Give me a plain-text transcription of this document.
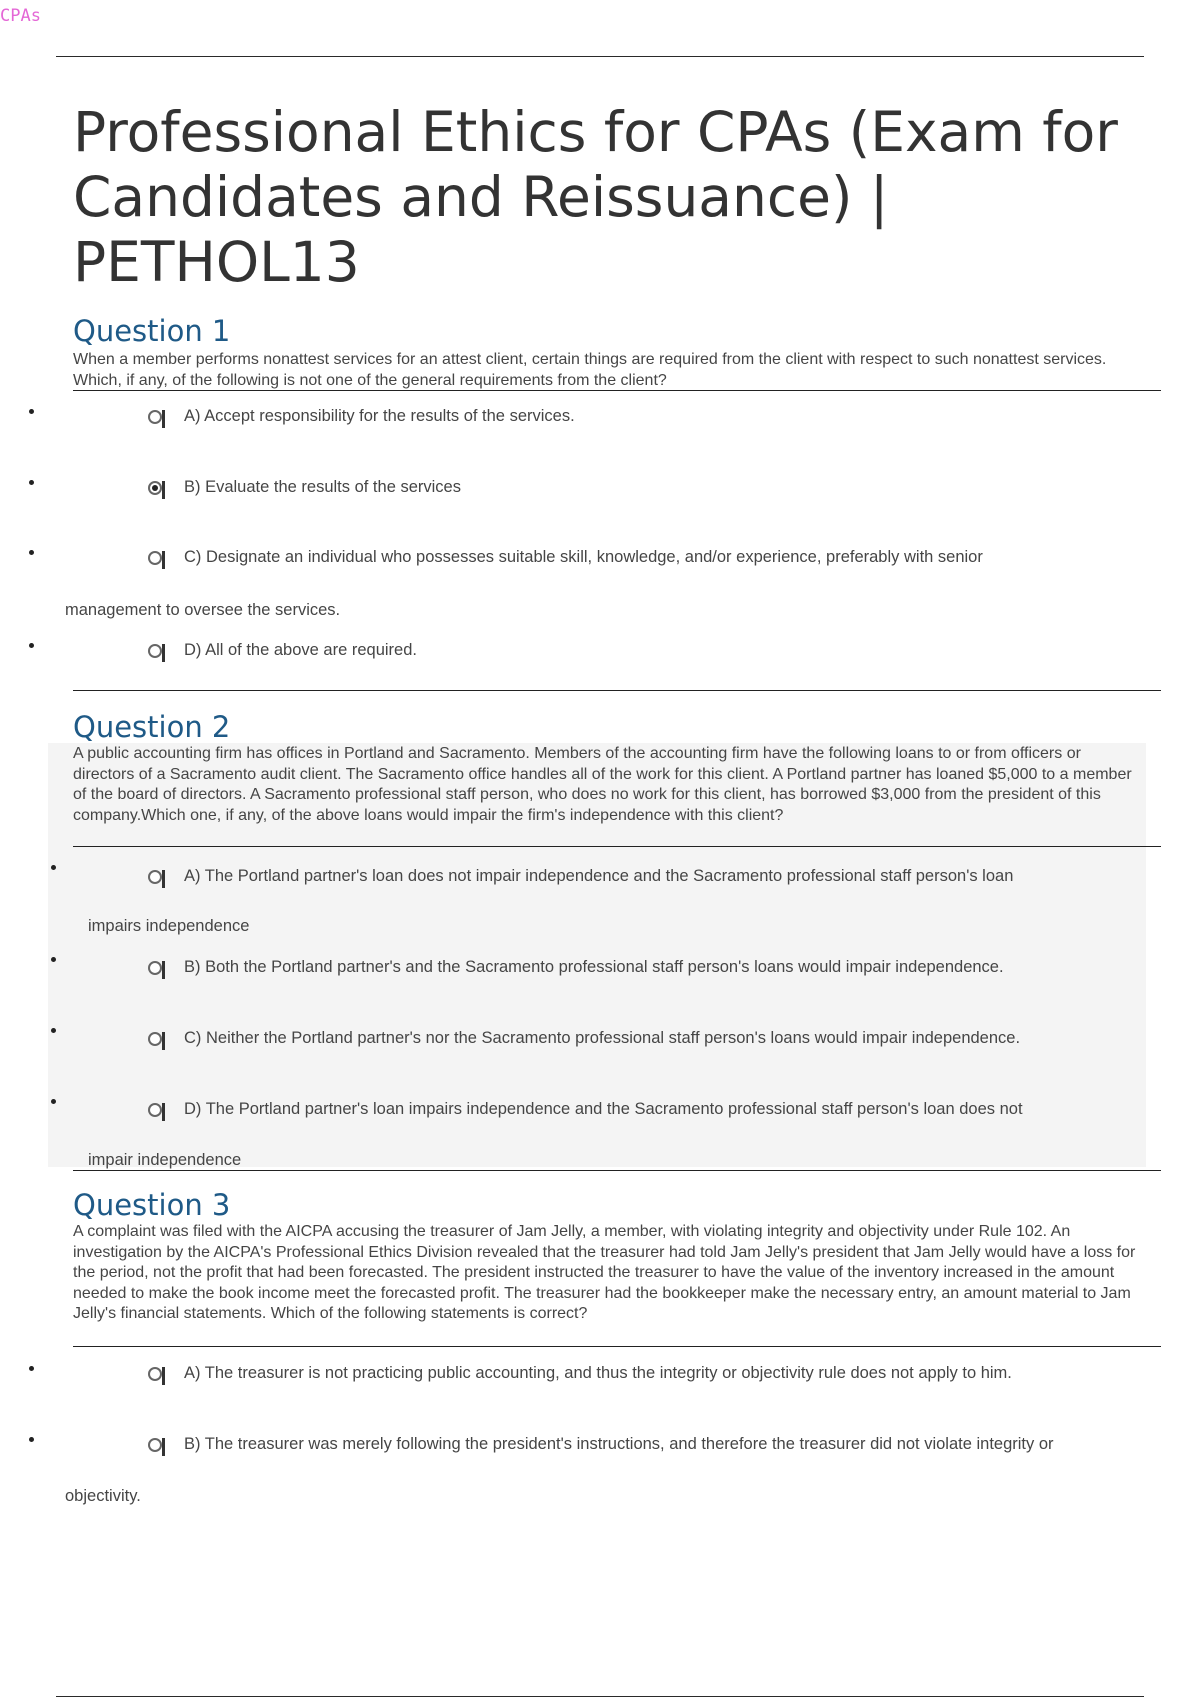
CPAs
Professional Ethics for CPAs (Exam for Candidates and Reissuance) | PETHOL13
Question 1

When a member performs nonattest services for an attest client, certain things are required from the client with respect to such nonattest services. Which, if any, of the following is not one of the general requirements from the client?

A) Accept responsibility for the results of the services.
B) Evaluate the results of the services
C) Designate an individual who possesses suitable skill, knowledge, and/or experience, preferably with senior
management to oversee the services.
D) All of the above are required.
Question 2

A public accounting firm has offices in Portland and Sacramento. Members of the accounting firm have the following loans to or from officers or directors of a Sacramento audit client. The Sacramento office handles all of the work for this client. A Portland partner has loaned $5,000 to a member of the board of directors. A Sacramento professional staff person, who does no work for this client, has borrowed $3,000 from the president of this company.Which one, if any, of the above loans would impair the firm's independence with this client?

A) The Portland partner's loan does not impair independence and the Sacramento professional staff person's loan
impairs independence
B) Both the Portland partner's and the Sacramento professional staff person's loans would impair independence.
C) Neither the Portland partner's nor the Sacramento professional staff person's loans would impair independence.
D) The Portland partner's loan impairs independence and the Sacramento professional staff person's loan does not
impair independence
Question 3

A complaint was filed with the AICPA accusing the treasurer of Jam Jelly, a member, with violating integrity and objectivity under Rule 102. An investigation by the AICPA's Professional Ethics Division revealed that the treasurer had told Jam Jelly's president that Jam Jelly would have a loss for the period, not the profit that had been forecasted. The president instructed the treasurer to have the value of the inventory increased in the amount needed to make the book income meet the forecasted profit. The treasurer had the bookkeeper make the necessary entry, an amount material to Jam Jelly's financial statements. Which of the following statements is correct?

A) The treasurer is not practicing public accounting, and thus the integrity or objectivity rule does not apply to him.
B) The treasurer was merely following the president's instructions, and therefore the treasurer did not violate integrity or
objectivity.
